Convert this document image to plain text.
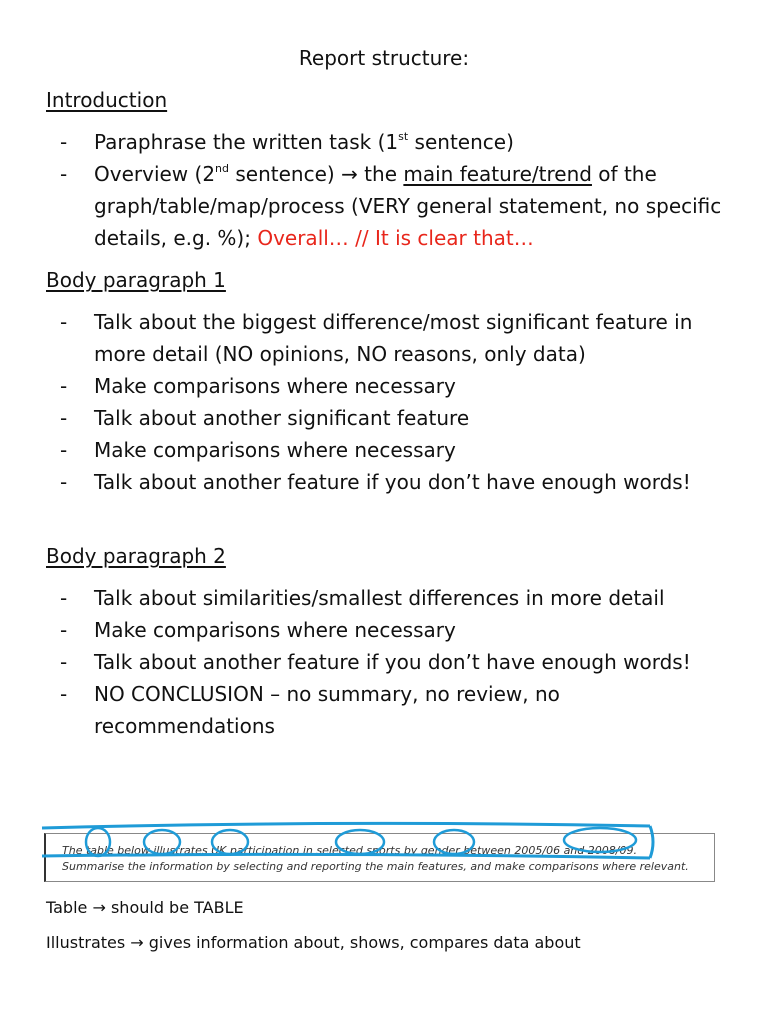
Report structure:
Introduction
- Paraphrase the written task (1st sentence)
- Overview (2nd sentence) → the main feature/trend of the graph/table/map/process (VERY general statement, no specific details, e.g. %); Overall… // It is clear that…
Body paragraph 1
- Talk about the biggest difference/most significant feature in more detail (NO opinions, NO reasons, only data)
- Make comparisons where necessary
- Talk about another significant feature
- Make comparisons where necessary
- Talk about another feature if you don’t have enough words!
Body paragraph 2
- Talk about similarities/smallest differences in more detail
- Make comparisons where necessary
- Talk about another feature if you don’t have enough words!
- NO CONCLUSION – no summary, no review, no recommendations
The table below illustrates UK participation in selected sports by gender between 2005/06 and 2008/09.
Summarise the information by selecting and reporting the main features, and make comparisons where relevant.
Table → should be TABLE
Illustrates → gives information about, shows, compares data about
